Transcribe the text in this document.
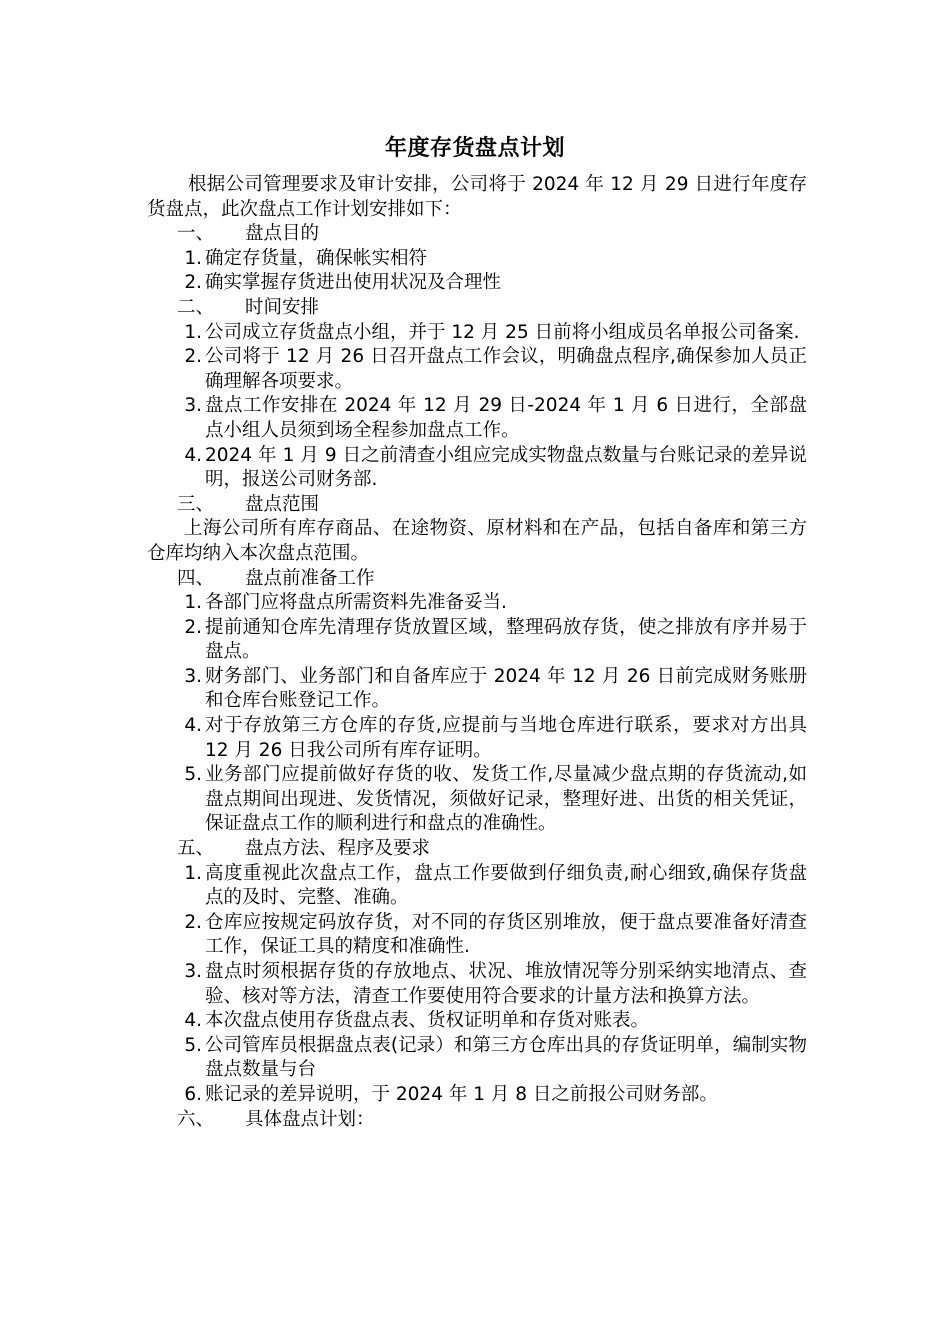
年度存货盘点计划

根据公司管理要求及审计安排，公司将于 2024 年 12 月 29 日进行年度存货盘点，此次盘点工作计划安排如下：

一、 盘点目的
1. 确定存货量，确保帐实相符
2. 确实掌握存货进出使用状况及合理性
二、 时间安排
1. 公司成立存货盘点小组，并于 12 月 25 日前将小组成员名单报公司备案.
2. 公司将于 12 月 26 日召开盘点工作会议，明确盘点程序,确保参加人员正确理解各项要求。
3. 盘点工作安排在 2024 年 12 月 29 日-2024 年 1 月 6 日进行，全部盘点小组人员须到场全程参加盘点工作。
4. 2024 年 1 月 9 日之前清查小组应完成实物盘点数量与台账记录的差异说明，报送公司财务部.
三、 盘点范围

上海公司所有库存商品、在途物资、原材料和在产品，包括自备库和第三方仓库均纳入本次盘点范围。

四、 盘点前准备工作
1. 各部门应将盘点所需资料先准备妥当.
2. 提前通知仓库先清理存货放置区域，整理码放存货，使之排放有序并易于盘点。
3. 财务部门、业务部门和自备库应于 2024 年 12 月 26 日前完成财务账册和仓库台账登记工作。
4. 对于存放第三方仓库的存货,应提前与当地仓库进行联系，要求对方出具 12 月 26 日我公司所有库存证明。
5. 业务部门应提前做好存货的收、发货工作,尽量减少盘点期的存货流动,如盘点期间出现进、发货情况，须做好记录，整理好进、出货的相关凭证，保证盘点工作的顺利进行和盘点的准确性。
五、 盘点方法、程序及要求
1. 高度重视此次盘点工作，盘点工作要做到仔细负责,耐心细致,确保存货盘点的及时、完整、准确。
2. 仓库应按规定码放存货，对不同的存货区别堆放，便于盘点要准备好清查工作，保证工具的精度和准确性.
3. 盘点时须根据存货的存放地点、状况、堆放情况等分别采纳实地清点、查验、核对等方法，清查工作要使用符合要求的计量方法和换算方法。
4. 本次盘点使用存货盘点表、货权证明单和存货对账表。
5. 公司管库员根据盘点表(记录）和第三方仓库出具的存货证明单，编制实物盘点数量与台
6. 账记录的差异说明，于 2024 年 1 月 8 日之前报公司财务部。
六、 具体盘点计划：
